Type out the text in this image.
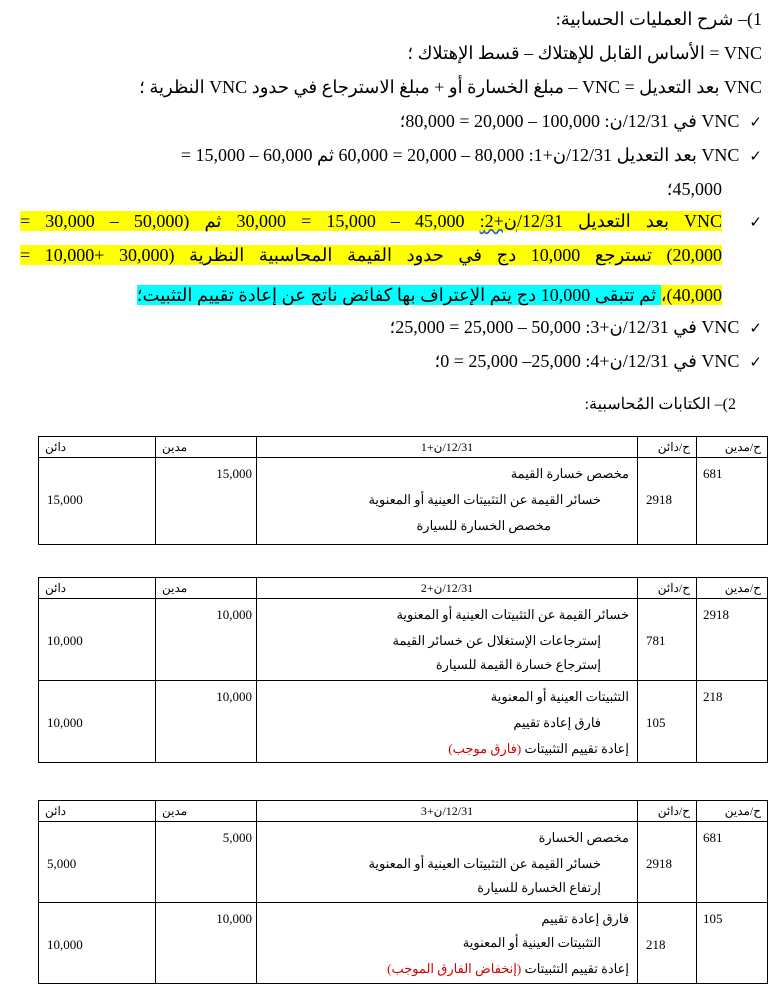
1)– شرح العمليات الحسابية:
VNC = الأساس القابل للإهتلاك – قسط الإهتلاك ؛
VNC بعد التعديل = VNC – مبلغ الخسارة أو + مبلغ الاسترجاع في حدود VNC النظرية ؛
✓VNC في 12/31/ن: 100,000 – 20,000 = 80,000؛
✓VNC بعد التعديل 12/31/ن+1: 80,000 – 20,000 = 60,000 ثم 60,000 – 15,000 =
45,000؛
✓
VNC بعد التعديل 12/31/ن+2: 45,000 – 15,000 = 30,000 ثم (50,000 – 30,000 =
20,000) تسترجع 10,000 دج في حدود القيمة المحاسبية النظرية (30,000 +10,000 =
40,000)، ثم تتبقى 10,000 دج يتم الإعتراف بها كفائض ناتج عن إعادة تقييم التثبيت؛
✓VNC في 12/31/ن+3: 50,000 – 25,000 = 25,000؛
✓VNC في 12/31/ن+4: 25,000– 25,000 = 0؛
2)– الكتابات المُحاسبية:
ح/مدين	ح/دائن	12/31/ن+1	مدين	دائن

681	2918	مخصص خسارة القيمة
خسائر القيمة عن التثبيتات العينية أو المعنوية
مخصص الخسارة للسيارة	15,000	15,000
ح/مدين	ح/دائن	12/31/ن+2	مدين	دائن

2918	781	خسائر القيمة عن التثبيتات العينية أو المعنوية
إسترجاعات الإستغلال عن خسائر القيمة
إسترجاع خسارة القيمة للسيارة	10,000	10,000

218	105	التثبيتات العينية أو المعنوية
فارق إعادة تقييم
إعادة تقييم التثبيتات (فارق موجب)	10,000	10,000
ح/مدين	ح/دائن	12/31/ن+3	مدين	دائن

681	2918	مخصص الخسارة
خسائر القيمة عن التثبيتات العينية أو المعنوية
إرتفاع الخسارة للسيارة	5,000	5,000

105	218	فارق إعادة تقييم
التثبيتات العينية أو المعنوية
إعادة تقييم التثبيتات (إنخفاض الفارق الموجب)	10,000	10,000
